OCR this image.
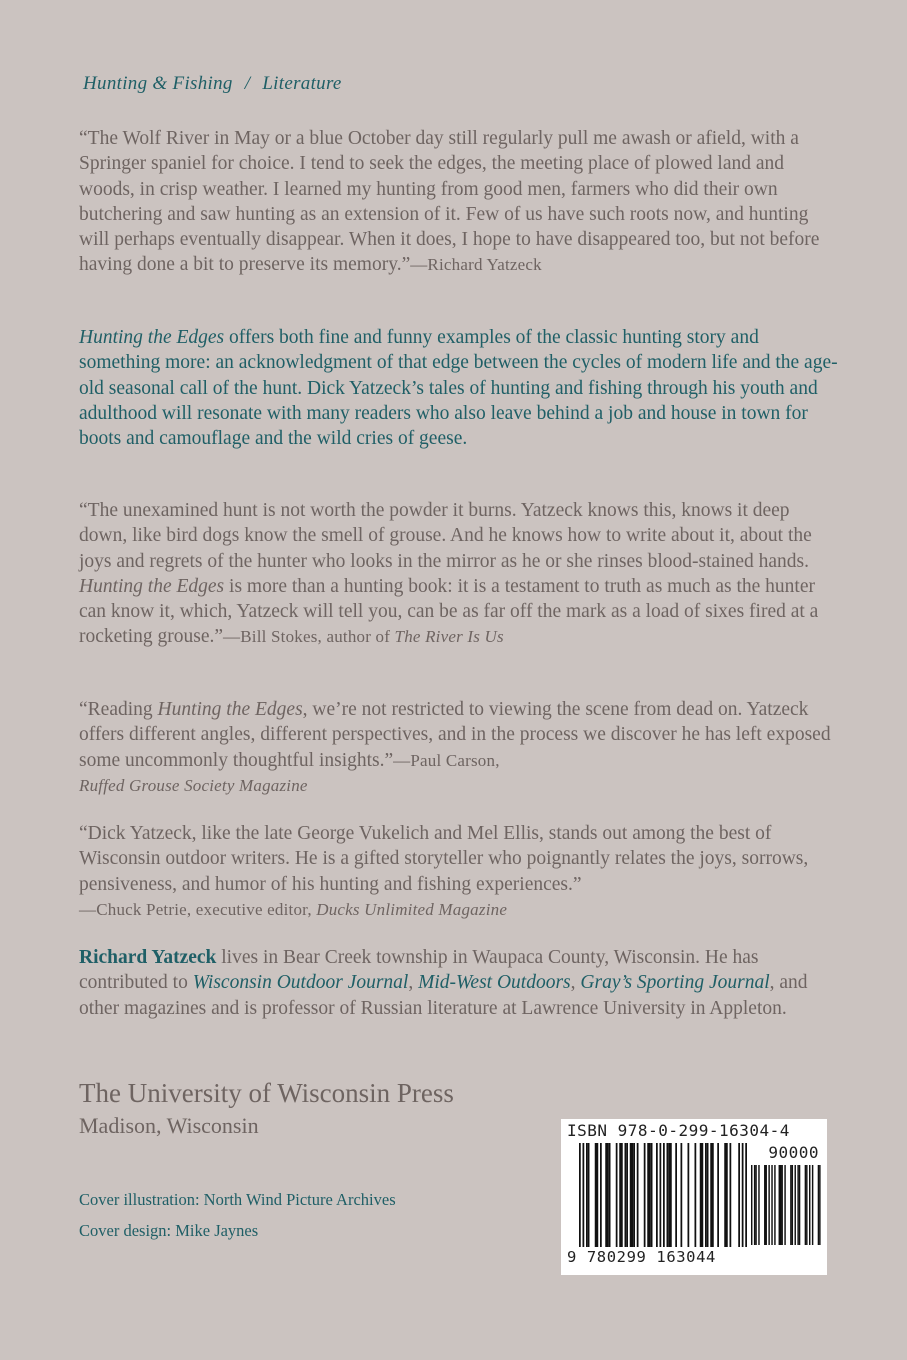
Hunting & Fishing / Literature
“The Wolf River in May or a blue October day still regularly pull me awash or afield, with a Springer spaniel for choice. I tend to seek the edges, the meeting place of plowed land and woods, in crisp weather. I learned my hunting from good men, farmers who did their own butchering and saw hunting as an extension of it. Few of us have such roots now, and hunting will perhaps eventually disappear. When it does, I hope to have disappeared too, but not before having done a bit to preserve its memory.”—Richard Yatzeck
Hunting the Edges offers both fine and funny examples of the classic hunting story and something more: an acknowledgment of that edge between the cycles of modern life and the age-old seasonal call of the hunt. Dick Yatzeck’s tales of hunting and fishing through his youth and adulthood will resonate with many readers who also leave behind a job and house in town for boots and camouflage and the wild cries of geese.
“The unexamined hunt is not worth the powder it burns. Yatzeck knows this, knows it deep down, like bird dogs know the smell of grouse. And he knows how to write about it, about the joys and regrets of the hunter who looks in the mirror as he or she rinses blood-stained hands. Hunting the Edges is more than a hunting book: it is a testament to truth as much as the hunter can know it, which, Yatzeck will tell you, can be as far off the mark as a load of sixes fired at a rocketing grouse.”—Bill Stokes, author of The River Is Us
“Reading Hunting the Edges, we’re not restricted to viewing the scene from dead on. Yatzeck offers different angles, different perspectives, and in the process we discover he has left exposed some uncommonly thoughtful insights.”—Paul Carson,
Ruffed Grouse Society Magazine
“Dick Yatzeck, like the late George Vukelich and Mel Ellis, stands out among the best of Wisconsin outdoor writers. He is a gifted storyteller who poignantly relates the joys, sorrows, pensiveness, and humor of his hunting and fishing experiences.”
—Chuck Petrie, executive editor, Ducks Unlimited Magazine
Richard Yatzeck lives in Bear Creek township in Waupaca County, Wisconsin. He has contributed to Wisconsin Outdoor Journal, Mid-West Outdoors, Gray’s Sporting Journal, and other magazines and is professor of Russian literature at Lawrence University in Appleton.
The University of Wisconsin Press
Madison, Wisconsin
Cover illustration: North Wind Picture Archives
Cover design: Mike Jaynes
ISBN 978-0-299-16304-4
90000
9 780299 163044
